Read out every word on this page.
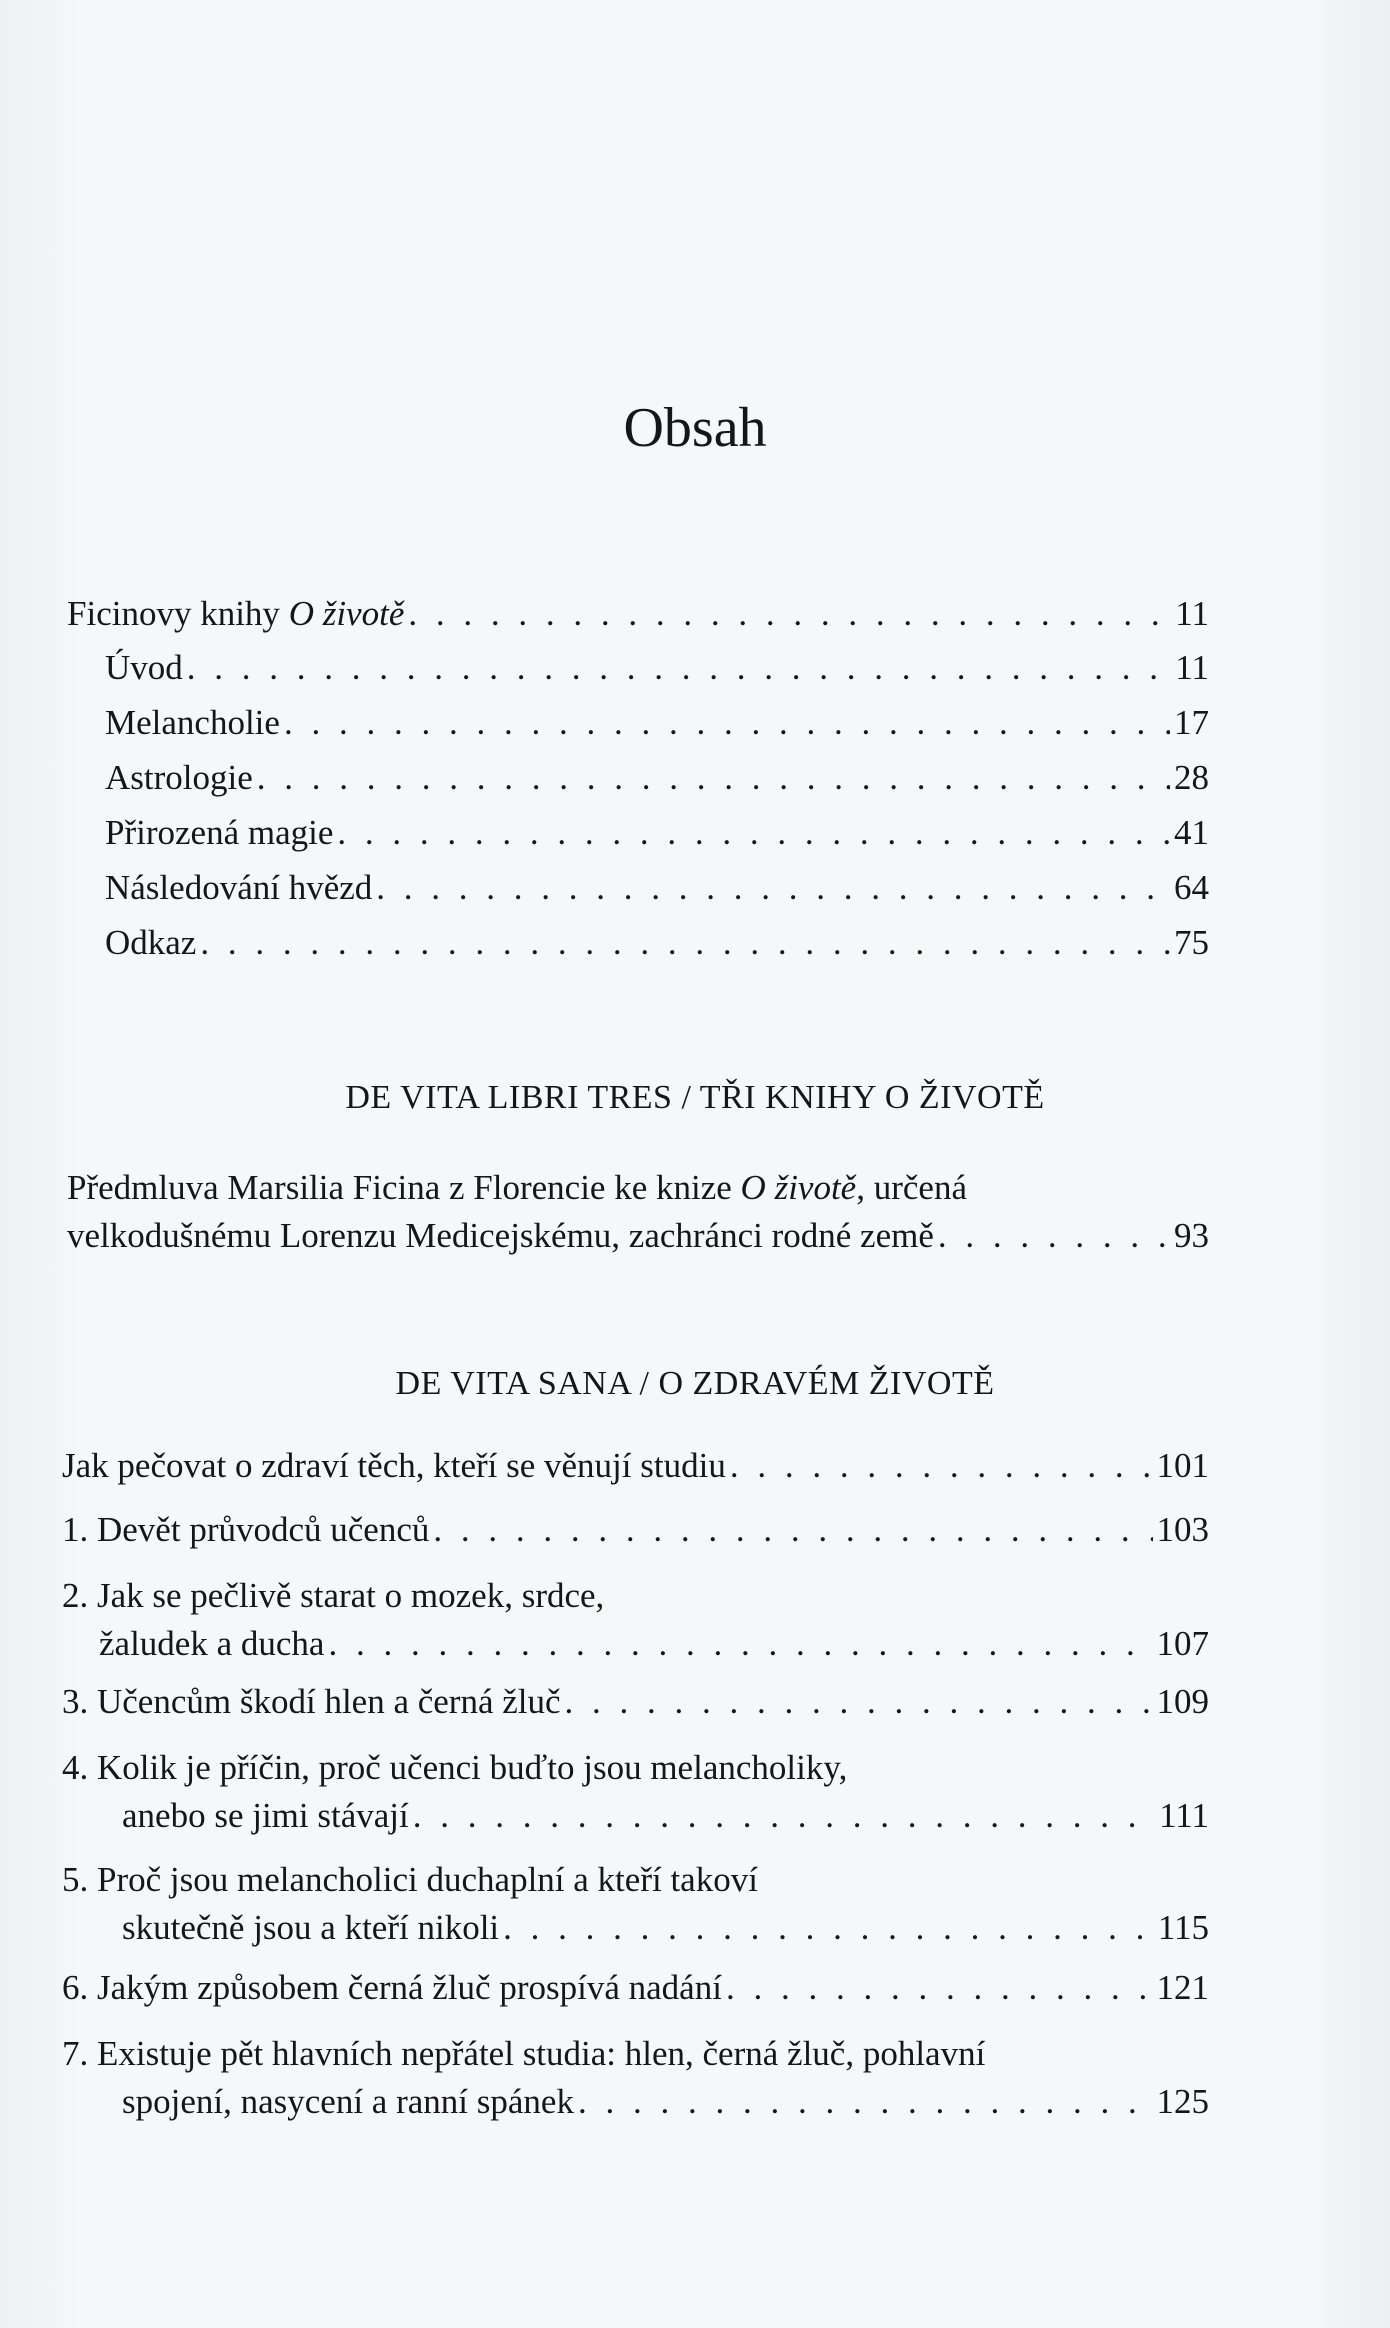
Obsah
Ficinovy knihy O životě . . .	11
Úvod . . .	11
Melancholie . . .	17
Astrologie . . .	28
Přirozená magie . . .	41
Následování hvězd . . .	64
Odkaz . . .	75
DE VITA LIBRI TRES / TŘI KNIHY O ŽIVOTĚ
Předmluva Marsilia Ficina z Florencie ke knize O životě, určená
velkodušnému Lorenzu Medicejskému, zachránci rodné země . . .	93
DE VITA SANA / O ZDRAVÉM ŽIVOTĚ
Jak pečovat o zdraví těch, kteří se věnují studiu . . .	101
1. Devět průvodců učenců . . .	103
2. Jak se pečlivě starat o mozek, srdce,
žaludek a ducha . . .	107
3. Učencům škodí hlen a černá žluč . . .	109
4. Kolik je příčin, proč učenci buďto jsou melancholiky,
anebo se jimi stávají . . .	111
5. Proč jsou melancholici duchaplní a kteří takoví
skutečně jsou a kteří nikoli . . .	115
6. Jakým způsobem černá žluč prospívá nadání . . .	121
7. Existuje pět hlavních nepřátel studia: hlen, černá žluč, pohlavní
spojení, nasycení a ranní spánek . . .	125
